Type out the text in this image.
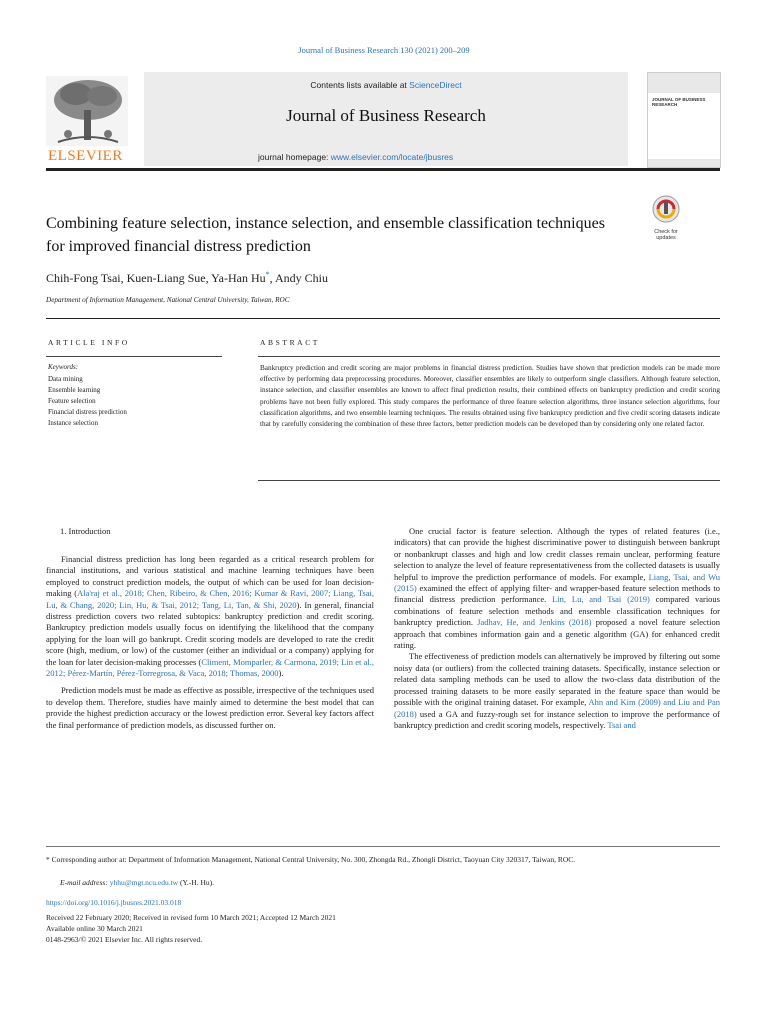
Journal of Business Research 130 (2021) 200–209
Contents lists available at ScienceDirect
Journal of Business Research
journal homepage: www.elsevier.com/locate/jbusres
ELSEVIER
JOURNAL OF BUSINESS RESEARCH
Combining feature selection, instance selection, and ensemble classification techniques for improved financial distress prediction
Check for updates
Chih-Fong Tsai, Kuen-Liang Sue, Ya-Han Hu*, Andy Chiu
Department of Information Management, National Central University, Taiwan, ROC
ARTICLE INFO
Keywords:
Data mining
Ensemble learning
Feature selection
Financial distress prediction
Instance selection
ABSTRACT
Bankruptcy prediction and credit scoring are major problems in financial distress prediction. Studies have shown that prediction models can be made more effective by performing data preprocessing procedures. Moreover, classifier ensembles are likely to outperform single classifiers. Although feature selection, instance selection, and classifier ensembles are known to affect final prediction results, their combined effects on bankruptcy prediction and credit scoring problems have not been fully explored. This study compares the performance of three feature selection algorithms, three instance selection algorithms, four classification algorithms, and two ensemble learning techniques. The results obtained using five bankruptcy prediction and five credit scoring datasets indicate that by carefully considering the combination of these three factors, better prediction models can be developed than by considering only one related factor.
1. Introduction

Financial distress prediction has long been regarded as a critical research problem for financial institutions, and various statistical and machine learning techniques have been employed to construct prediction models, the output of which can be used for loan decision-making (Ala'raj et al., 2018; Chen, Ribeiro, & Chen, 2016; Kumar & Ravi, 2007; Liang, Tsai, Lu, & Chang, 2020; Lin, Hu, & Tsai, 2012; Tang, Li, Tan, & Shi, 2020). In general, financial distress prediction covers two related subtopics: bankruptcy prediction and credit scoring. Bankruptcy prediction models usually focus on identifying the likelihood that the company applying for the loan will go bankrupt. Credit scoring models are developed to rate the credit score (high, medium, or low) of the customer (either an individual or a company) applying for the loan for later decision-making processes (Climent, Momparler, & Carmona, 2019; Lin et al., 2012; Pérez-Martín, Pérez-Torregrosa, & Vaca, 2018; Thomas, 2000).

Prediction models must be made as effective as possible, irrespective of the techniques used to develop them. Therefore, studies have mainly aimed to determine the best model that can provide the highest prediction accuracy or the lowest prediction error. Several key factors affect the final performance of prediction models, as discussed further on.

One crucial factor is feature selection. Although the types of related features (i.e., indicators) that can provide the highest discriminative power to distinguish between bankrupt or nonbankrupt classes and high and low credit classes remain unclear, performing feature selection to analyze the level of feature representativeness from the collected datasets is usually helpful to improve the prediction performance of models. For example, Liang, Tsai, and Wu (2015) examined the effect of applying filter- and wrapper-based feature selection methods to financial distress prediction performance. Lin, Lu, and Tsai (2019) compared various combinations of feature selection methods and ensemble classification techniques for bankruptcy prediction. Jadhav, He, and Jenkins (2018) proposed a novel feature selection approach that combines information gain and a genetic algorithm (GA) for enhanced credit rating.

The effectiveness of prediction models can alternatively be improved by filtering out some noisy data (or outliers) from the collected training datasets. Specifically, instance selection or related data sampling methods can be used to allow the two-class data distribution of the processed training datasets to be more easily separated in the feature space than would be possible with the original training dataset. For example, Ahn and Kim (2009) and Liu and Pan (2018) used a GA and fuzzy-rough set for instance selection to improve the performance of bankruptcy prediction and credit scoring models, respectively. Tsai and

* Corresponding author at: Department of Information Management, National Central University, No. 300, Zhongda Rd., Zhongli District, Taoyuan City 320317, Taiwan, ROC.
E-mail address: yhhu@mgt.ncu.edu.tw (Y.-H. Hu).
https://doi.org/10.1016/j.jbusres.2021.03.018
Received 22 February 2020; Received in revised form 10 March 2021; Accepted 12 March 2021
Available online 30 March 2021
0148-2963/© 2021 Elsevier Inc. All rights reserved.
